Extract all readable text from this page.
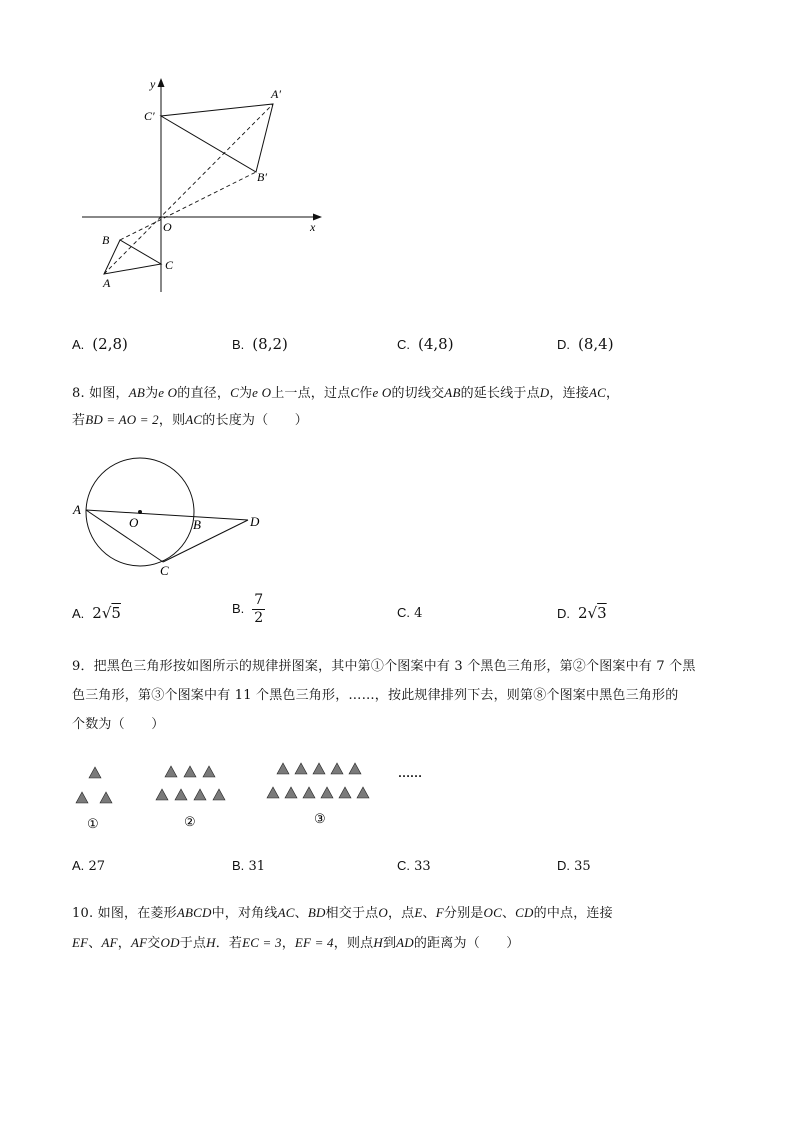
y
x
O
A′
B′
C′
A
B
C
A. (2,8)	B. (8,2)	C. (4,8)	D. (8,4)
8. 如图，AB为e O的直径，C为e O上一点，过点C作e O的切线交AB的延长线于点D，连接AC，
若BD = AO = 2，则AC的长度为（　　）
A
O	B
C
D
A. 2√5	B. $\frac{7}{2}$	C. 4	D. 2√3
9．把黑色三角形按如图所示的规律拼图案，其中第①个图案中有 3 个黑色三角形，第②个图案中有 7 个黑
色三角形，第③个图案中有 11 个黑色三角形，……，按此规律排列下去，则第⑧个图案中黑色三角形的
个数为（　　）
①	②	③
……
A. 27	B. 31	C. 33	D. 35
10. 如图，在菱形ABCD中，对角线AC、BD相交于点O，点E、F分别是OC、CD的中点，连接
EF、AF，AF交OD于点H．若EC = 3，EF = 4，则点H到AD的距离为（　　）
